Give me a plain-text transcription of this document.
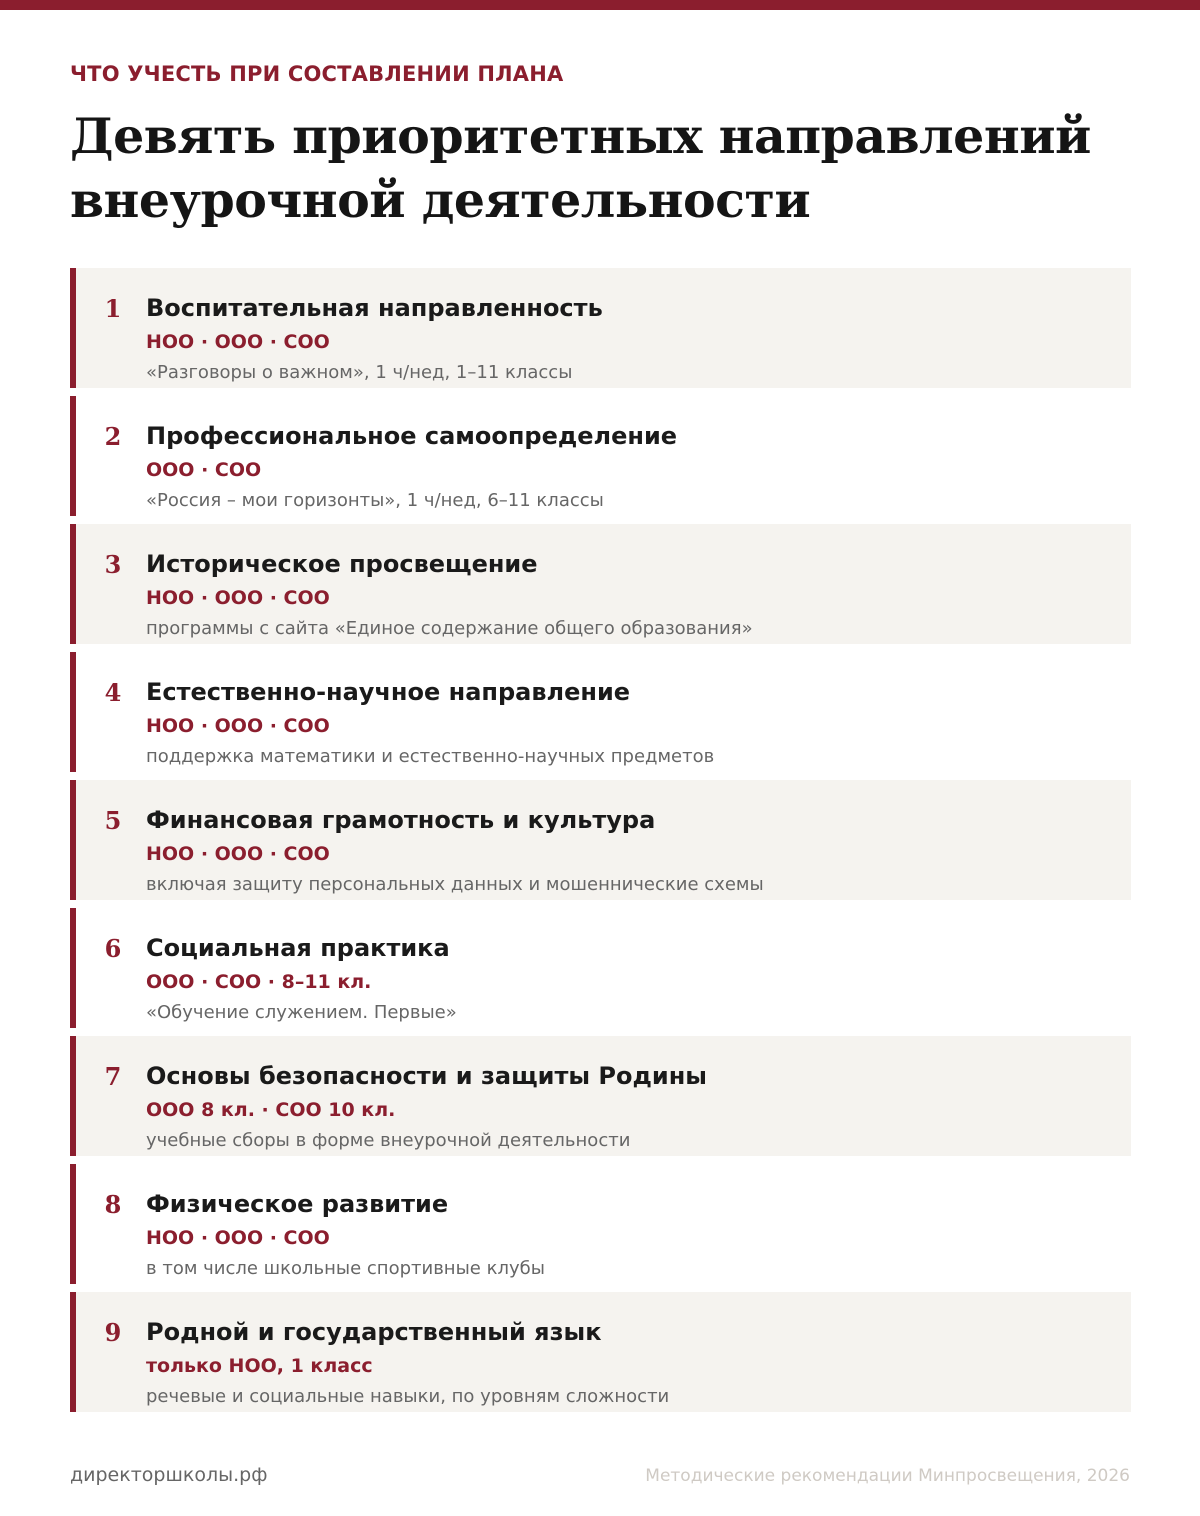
ЧТО УЧЕСТЬ ПРИ СОСТАВЛЕНИИ ПЛАНА
Девять приоритетных направлений внеурочной деятельности
1	Воспитательная направленность
НОО · ООО · СОО
«Разговоры о важном», 1 ч/нед, 1–11 классы
2	Профессиональное самоопределение
ООО · СОО
«Россия – мои горизонты», 1 ч/нед, 6–11 классы
3	Историческое просвещение
НОО · ООО · СОО
программы с сайта «Единое содержание общего образования»
4	Естественно-научное направление
НОО · ООО · СОО
поддержка математики и естественно-научных предметов
5	Финансовая грамотность и культура
НОО · ООО · СОО
включая защиту персональных данных и мошеннические схемы
6	Социальная практика
ООО · СОО · 8–11 кл.
«Обучение служением. Первые»
7	Основы безопасности и защиты Родины
ООО 8 кл. · СОО 10 кл.
учебные сборы в форме внеурочной деятельности
8	Физическое развитие
НОО · ООО · СОО
в том числе школьные спортивные клубы
9	Родной и государственный язык
только НОО, 1 класс
речевые и социальные навыки, по уровням сложности
директоршколы.рф	Методические рекомендации Минпросвещения, 2026
